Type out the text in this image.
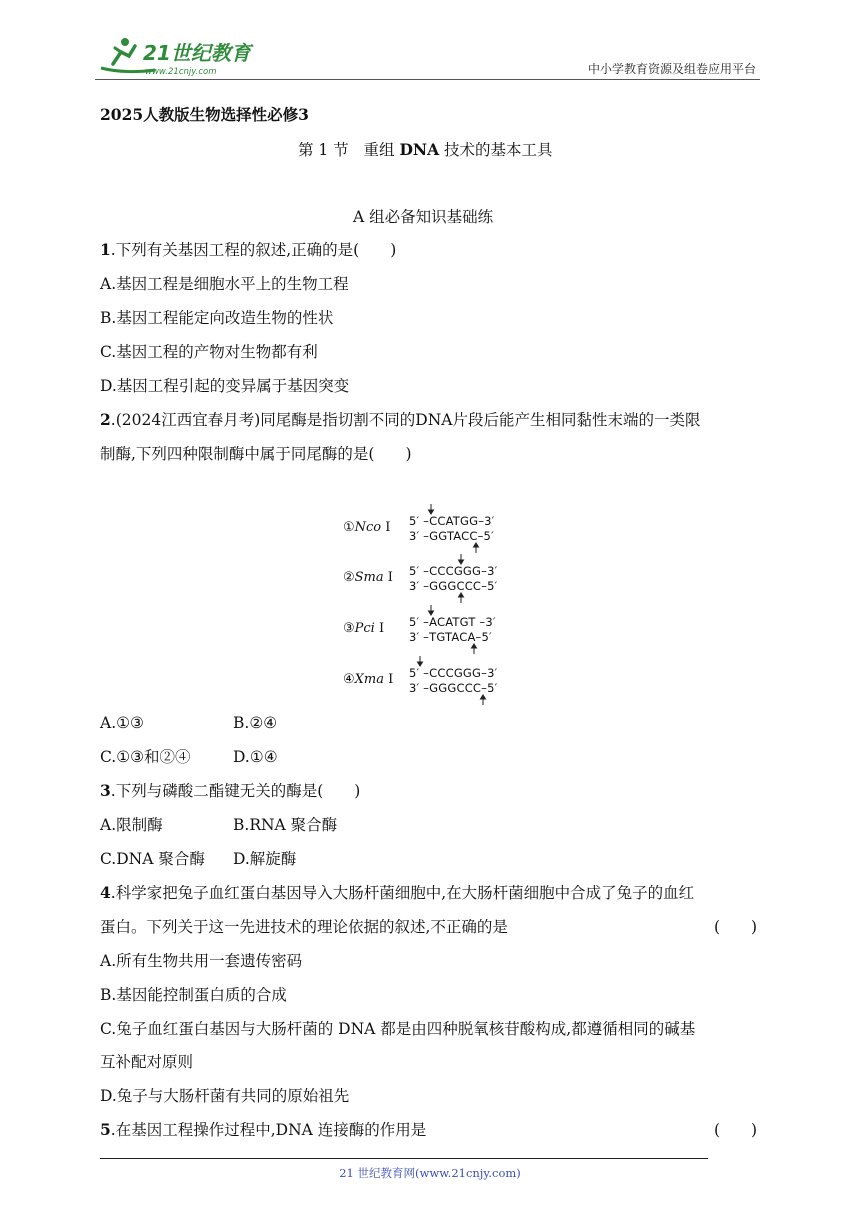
21世纪教育
www.21cnjy.com	中小学教育资源及组卷应用平台
2025人教版生物选择性必修3
第 1 节 重组 DNA 技术的基本工具
A 组必备知识基础练
1.下列有关基因工程的叙述,正确的是(　　)
A.基因工程是细胞水平上的生物工程
B.基因工程能定向改造生物的性状
C.基因工程的产物对生物都有利
D.基因工程引起的变异属于基因突变
2.(2024江西宜春月考)同尾酶是指切割不同的DNA片段后能产生相同黏性末端的一类限
制酶,下列四种限制酶中属于同尾酶的是(　　)
①Nco I 5′ –CCATGG–3′
3′ –GGTACC–5′
②Sma I 5′ –CCCGGG–3′
3′ –GGGCCC–5′
③Pci I 5′ –ACATGT –3′
3′ –TGTACA–5′
④Xma I 5′ –CCCGGG–3′
3′ –GGGCCC–5′
A.①③	B.②④
C.①③和②④	D.①④
3.下列与磷酸二酯键无关的酶是(　　)
A.限制酶	B.RNA 聚合酶
C.DNA 聚合酶 D.解旋酶
4.科学家把兔子血红蛋白基因导入大肠杆菌细胞中,在大肠杆菌细胞中合成了兔子的血红
蛋白。下列关于这一先进技术的理论依据的叙述,不正确的是	(　　)
A.所有生物共用一套遗传密码
B.基因能控制蛋白质的合成
C.兔子血红蛋白基因与大肠杆菌的 DNA 都是由四种脱氧核苷酸构成,都遵循相同的碱基
互补配对原则
D.兔子与大肠杆菌有共同的原始祖先
5.在基因工程操作过程中,DNA 连接酶的作用是	(　　)
21 世纪教育网(www.21cnjy.com)
